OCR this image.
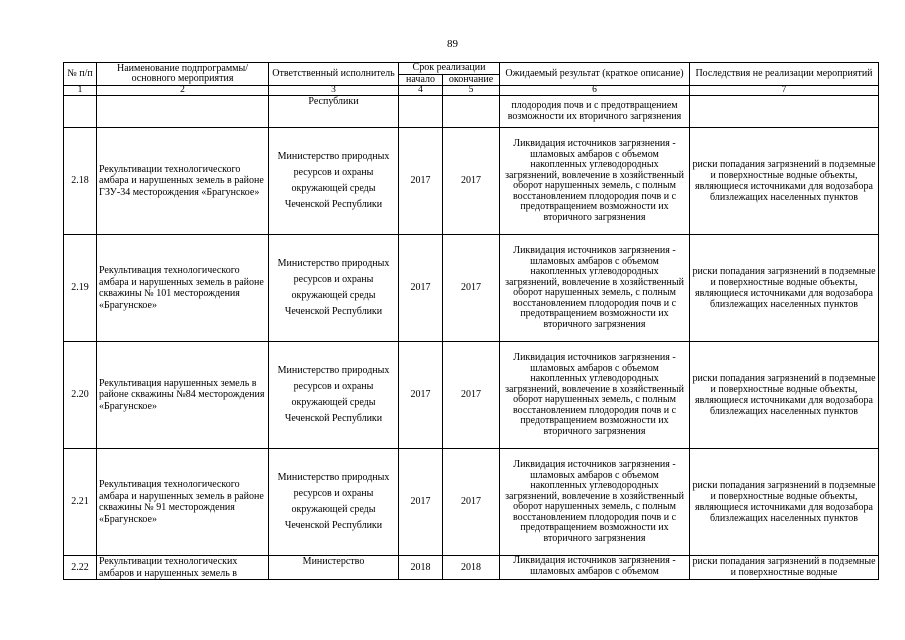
89
№ п/п	Наименование подпрограммы/ основного мероприятия	Ответственный исполнитель	Срок реализации		Ожидаемый результат (краткое описание)	Последствия не реализации мероприятий
			начало	окончание		
1	2	3	4	5	6	7
		Республики			плодородия почв и с предотвращением возможности их вторичного загрязнения	
2.18	Рекультивации технологического амбара и нарушенных земель в районе ГЗУ-34 месторождения «Брагунское»	Министерство природных ресурсов и охраны окружающей среды Чеченской Республики	2017	2017	Ликвидация источников загрязнения - шламовых амбаров с объемом накопленных углеводородных загрязнений, вовлечение в хозяйственный оборот нарушенных земель, с полным восстановлением плодородия почв и с предотвращением возможности их вторичного загрязнения	риски попадания загрязнений в подземные и поверхностные водные объекты, являющиеся источниками для водозабора близлежащих населенных пунктов
2.19	Рекультивация технологического амбара и нарушенных земель в районе скважины № 101 месторождения «Брагунское»	Министерство природных ресурсов и охраны окружающей среды Чеченской Республики	2017	2017	Ликвидация источников загрязнения - шламовых амбаров с объемом накопленных углеводородных загрязнений, вовлечение в хозяйственный оборот нарушенных земель, с полным восстановлением плодородия почв и с предотвращением возможности их вторичного загрязнения	риски попадания загрязнений в подземные и поверхностные водные объекты, являющиеся источниками для водозабора близлежащих населенных пунктов
2.20	Рекультивация нарушенных земель в районе скважины №84 месторождения «Брагунское»	Министерство природных ресурсов и охраны окружающей среды Чеченской Республики	2017	2017	Ликвидация источников загрязнения - шламовых амбаров с объемом накопленных углеводородных загрязнений, вовлечение в хозяйственный оборот нарушенных земель, с полным восстановлением плодородия почв и с предотвращением возможности их вторичного загрязнения	риски попадания загрязнений в подземные и поверхностные водные объекты, являющиеся источниками для водозабора близлежащих населенных пунктов
2.21	Рекультивация технологического амбара и нарушенных земель в районе скважины № 91 месторождения «Брагунское»	Министерство природных ресурсов и охраны окружающей среды Чеченской Республики	2017	2017	Ликвидация источников загрязнения - шламовых амбаров с объемом накопленных углеводородных загрязнений, вовлечение в хозяйственный оборот нарушенных земель, с полным восстановлением плодородия почв и с предотвращением возможности их вторичного загрязнения	риски попадания загрязнений в подземные и поверхностные водные объекты, являющиеся источниками для водозабора близлежащих населенных пунктов
2.22	Рекультивации технологических амбаров и нарушенных земель в	Министерство	2018	2018	Ликвидация источников загрязнения - шламовых амбаров с объемом	риски попадания загрязнений в подземные и поверхностные водные
